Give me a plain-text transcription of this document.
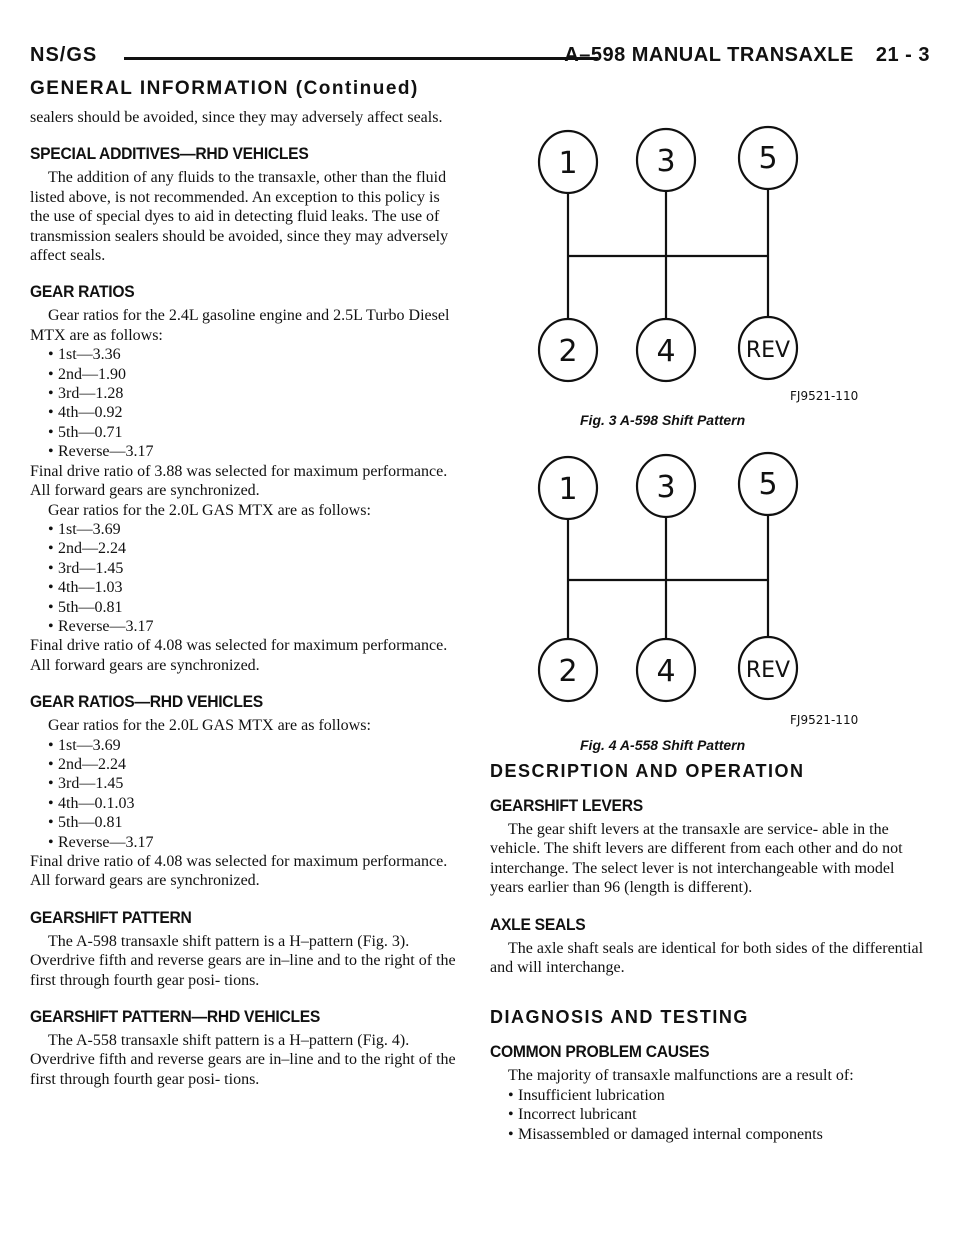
NS/GS	A–598 MANUAL TRANSAXLE 21 - 3
GENERAL INFORMATION (Continued)

sealers should be avoided, since they may adversely affect seals.

SPECIAL ADDITIVES—RHD VEHICLES

The addition of any fluids to the transaxle, other than the fluid listed above, is not recommended. An exception to this policy is the use of special dyes to aid in detecting fluid leaks. The use of transmission sealers should be avoided, since they may adversely affect seals.

GEAR RATIOS

Gear ratios for the 2.4L gasoline engine and 2.5L Turbo Diesel MTX are as follows:

• 1st—3.36
• 2nd—1.90
• 3rd—1.28
• 4th—0.92
• 5th—0.71
• Reverse—3.17

Final drive ratio of 3.88 was selected for maximum performance. All forward gears are synchronized.

Gear ratios for the 2.0L GAS MTX are as follows:

• 1st—3.69
• 2nd—2.24
• 3rd—1.45
• 4th—1.03
• 5th—0.81
• Reverse—3.17

Final drive ratio of 4.08 was selected for maximum performance. All forward gears are synchronized.

GEAR RATIOS—RHD VEHICLES

Gear ratios for the 2.0L GAS MTX are as follows:

• 1st—3.69
• 2nd—2.24
• 3rd—1.45
• 4th—0.1.03
• 5th—0.81
• Reverse—3.17

Final drive ratio of 4.08 was selected for maximum performance. All forward gears are synchronized.

GEARSHIFT PATTERN

The A-598 transaxle shift pattern is a H–pattern (Fig. 3). Overdrive fifth and reverse gears are in–line and to the right of the first through fourth gear posi- tions.

GEARSHIFT PATTERN—RHD VEHICLES

The A-558 transaxle shift pattern is a H–pattern (Fig. 4). Overdrive fifth and reverse gears are in–line and to the right of the first through fourth gear posi- tions.

1	3	5
2	4	REV
FJ9521-110
Fig. 3 A-598 Shift Pattern
1	3	5
2	4	REV
FJ9521-110
Fig. 4 A-558 Shift Pattern
DESCRIPTION AND OPERATION
GEARSHIFT LEVERS

The gear shift levers at the transaxle are service- able in the vehicle. The shift levers are different from each other and do not interchange. The select lever is not interchangeable with model years earlier than 96 (length is different).

AXLE SEALS

The axle shaft seals are identical for both sides of the differential and will interchange.

DIAGNOSIS AND TESTING
COMMON PROBLEM CAUSES

The majority of transaxle malfunctions are a result of:

• Insufficient lubrication
• Incorrect lubricant
• Misassembled or damaged internal components
